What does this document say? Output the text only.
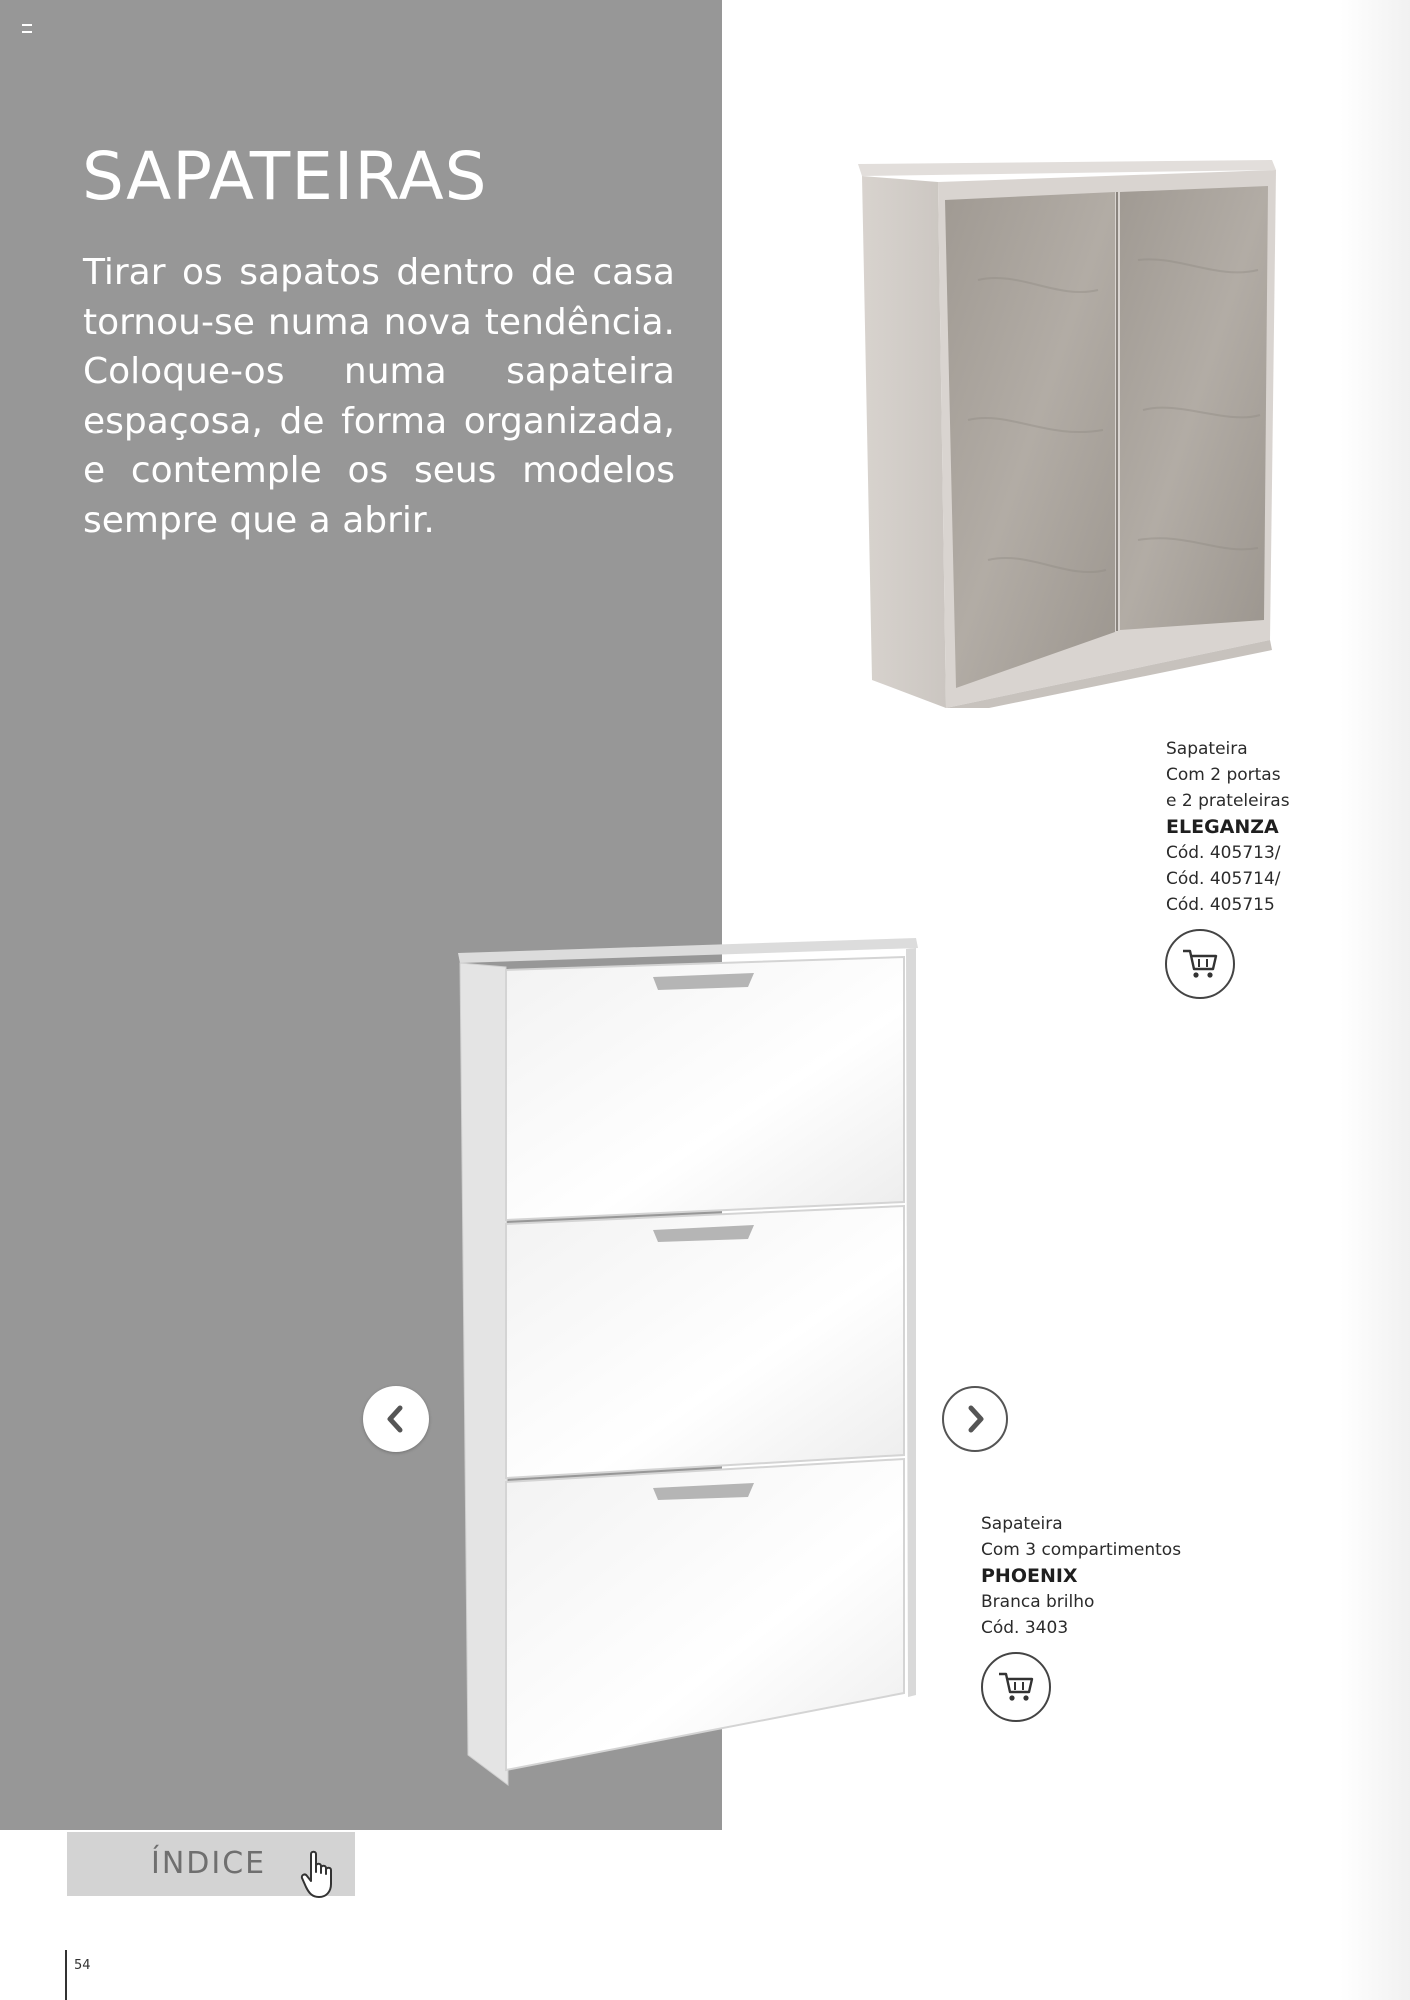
SAPATEIRAS

Tirar os sapatos dentro de casa tornou-se numa nova tendência. Coloque-os numa sapateira espaçosa, de forma organizada, e contemple os seus modelos sempre que a abrir.

Sapateira
Com 2 portas
e 2 prateleiras
ELEGANZA
Cód. 405713/
Cód. 405714/
Cód. 405715

Sapateira
Com 3 compartimentos
PHOENIX
Branca brilho
Cód. 3403

ÍNDICE

54
